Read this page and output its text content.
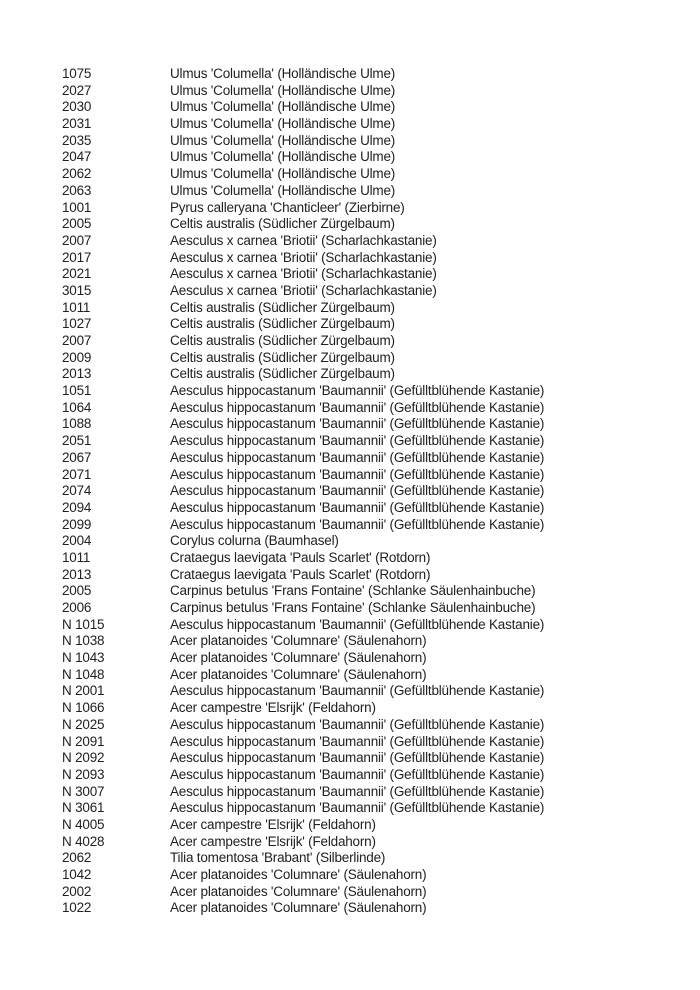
1075	Ulmus 'Columella' (Holländische Ulme)
2027	Ulmus 'Columella' (Holländische Ulme)
2030	Ulmus 'Columella' (Holländische Ulme)
2031	Ulmus 'Columella' (Holländische Ulme)
2035	Ulmus 'Columella' (Holländische Ulme)
2047	Ulmus 'Columella' (Holländische Ulme)
2062	Ulmus 'Columella' (Holländische Ulme)
2063	Ulmus 'Columella' (Holländische Ulme)
1001	Pyrus calleryana 'Chanticleer' (Zierbirne)
2005	Celtis australis (Südlicher Zürgelbaum)
2007	Aesculus x carnea 'Briotii' (Scharlachkastanie)
2017	Aesculus x carnea 'Briotii' (Scharlachkastanie)
2021	Aesculus x carnea 'Briotii' (Scharlachkastanie)
3015	Aesculus x carnea 'Briotii' (Scharlachkastanie)
1011	Celtis australis (Südlicher Zürgelbaum)
1027	Celtis australis (Südlicher Zürgelbaum)
2007	Celtis australis (Südlicher Zürgelbaum)
2009	Celtis australis (Südlicher Zürgelbaum)
2013	Celtis australis (Südlicher Zürgelbaum)
1051	Aesculus hippocastanum 'Baumannii' (Gefülltblühende Kastanie)
1064	Aesculus hippocastanum 'Baumannii' (Gefülltblühende Kastanie)
1088	Aesculus hippocastanum 'Baumannii' (Gefülltblühende Kastanie)
2051	Aesculus hippocastanum 'Baumannii' (Gefülltblühende Kastanie)
2067	Aesculus hippocastanum 'Baumannii' (Gefülltblühende Kastanie)
2071	Aesculus hippocastanum 'Baumannii' (Gefülltblühende Kastanie)
2074	Aesculus hippocastanum 'Baumannii' (Gefülltblühende Kastanie)
2094	Aesculus hippocastanum 'Baumannii' (Gefülltblühende Kastanie)
2099	Aesculus hippocastanum 'Baumannii' (Gefülltblühende Kastanie)
2004	Corylus colurna (Baumhasel)
1011	Crataegus laevigata 'Pauls Scarlet' (Rotdorn)
2013	Crataegus laevigata 'Pauls Scarlet' (Rotdorn)
2005	Carpinus betulus 'Frans Fontaine' (Schlanke Säulenhainbuche)
2006	Carpinus betulus 'Frans Fontaine' (Schlanke Säulenhainbuche)
N 1015	Aesculus hippocastanum 'Baumannii' (Gefülltblühende Kastanie)
N 1038	Acer platanoides 'Columnare' (Säulenahorn)
N 1043	Acer platanoides 'Columnare' (Säulenahorn)
N 1048	Acer platanoides 'Columnare' (Säulenahorn)
N 2001	Aesculus hippocastanum 'Baumannii' (Gefülltblühende Kastanie)
N 1066	Acer campestre 'Elsrijk' (Feldahorn)
N 2025	Aesculus hippocastanum 'Baumannii' (Gefülltblühende Kastanie)
N 2091	Aesculus hippocastanum 'Baumannii' (Gefülltblühende Kastanie)
N 2092	Aesculus hippocastanum 'Baumannii' (Gefülltblühende Kastanie)
N 2093	Aesculus hippocastanum 'Baumannii' (Gefülltblühende Kastanie)
N 3007	Aesculus hippocastanum 'Baumannii' (Gefülltblühende Kastanie)
N 3061	Aesculus hippocastanum 'Baumannii' (Gefülltblühende Kastanie)
N 4005	Acer campestre 'Elsrijk' (Feldahorn)
N 4028	Acer campestre 'Elsrijk' (Feldahorn)
2062	Tilia tomentosa 'Brabant' (Silberlinde)
1042	Acer platanoides 'Columnare' (Säulenahorn)
2002	Acer platanoides 'Columnare' (Säulenahorn)
1022	Acer platanoides 'Columnare' (Säulenahorn)
